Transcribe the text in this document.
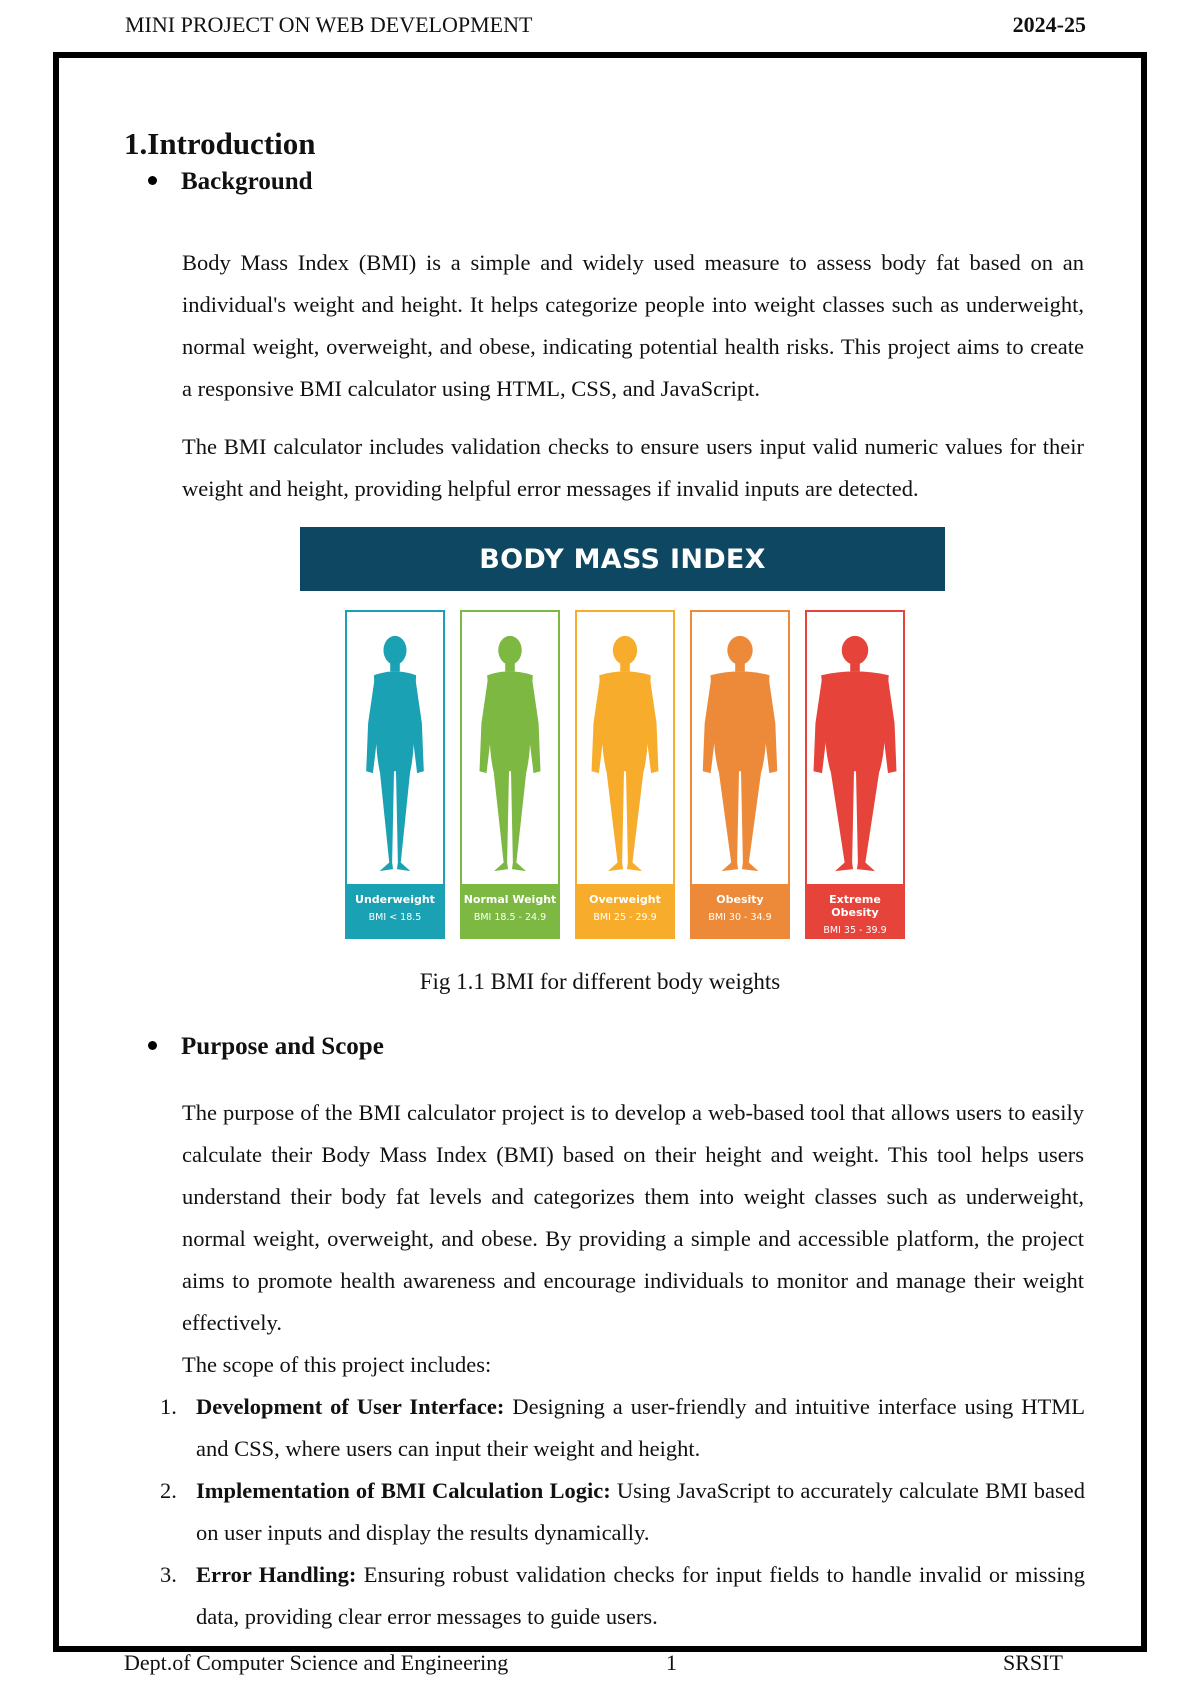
MINI PROJECT ON WEB DEVELOPMENT	2024-25
1.Introduction
Background

Body Mass Index (BMI) is a simple and widely used measure to assess body fat based on an individual's weight and height. It helps categorize people into weight classes such as underweight, normal weight, overweight, and obese, indicating potential health risks. This project aims to create a responsive BMI calculator using HTML, CSS, and JavaScript.

The BMI calculator includes validation checks to ensure users input valid numeric values for their weight and height, providing helpful error messages if invalid inputs are detected.

BODY MASS INDEX
Underweight
BMI < 18.5
Normal Weight
BMI 18.5 - 24.9
Overweight
BMI 25 - 29.9
Obesity
BMI 30 - 34.9
Extreme Obesity
BMI 35 - 39.9
Fig 1.1 BMI for different body weights
Purpose and Scope

The purpose of the BMI calculator project is to develop a web-based tool that allows users to easily calculate their Body Mass Index (BMI) based on their height and weight. This tool helps users understand their body fat levels and categorizes them into weight classes such as underweight, normal weight, overweight, and obese. By providing a simple and accessible platform, the project aims to promote health awareness and encourage individuals to monitor and manage their weight effectively.

The scope of this project includes:

1. Development of User Interface: Designing a user-friendly and intuitive interface using HTML and CSS, where users can input their weight and height.
2. Implementation of BMI Calculation Logic: Using JavaScript to accurately calculate BMI based on user inputs and display the results dynamically.
3. Error Handling: Ensuring robust validation checks for input fields to handle invalid or missing data, providing clear error messages to guide users.
Dept.of Computer Science and Engineering	1	SRSIT
